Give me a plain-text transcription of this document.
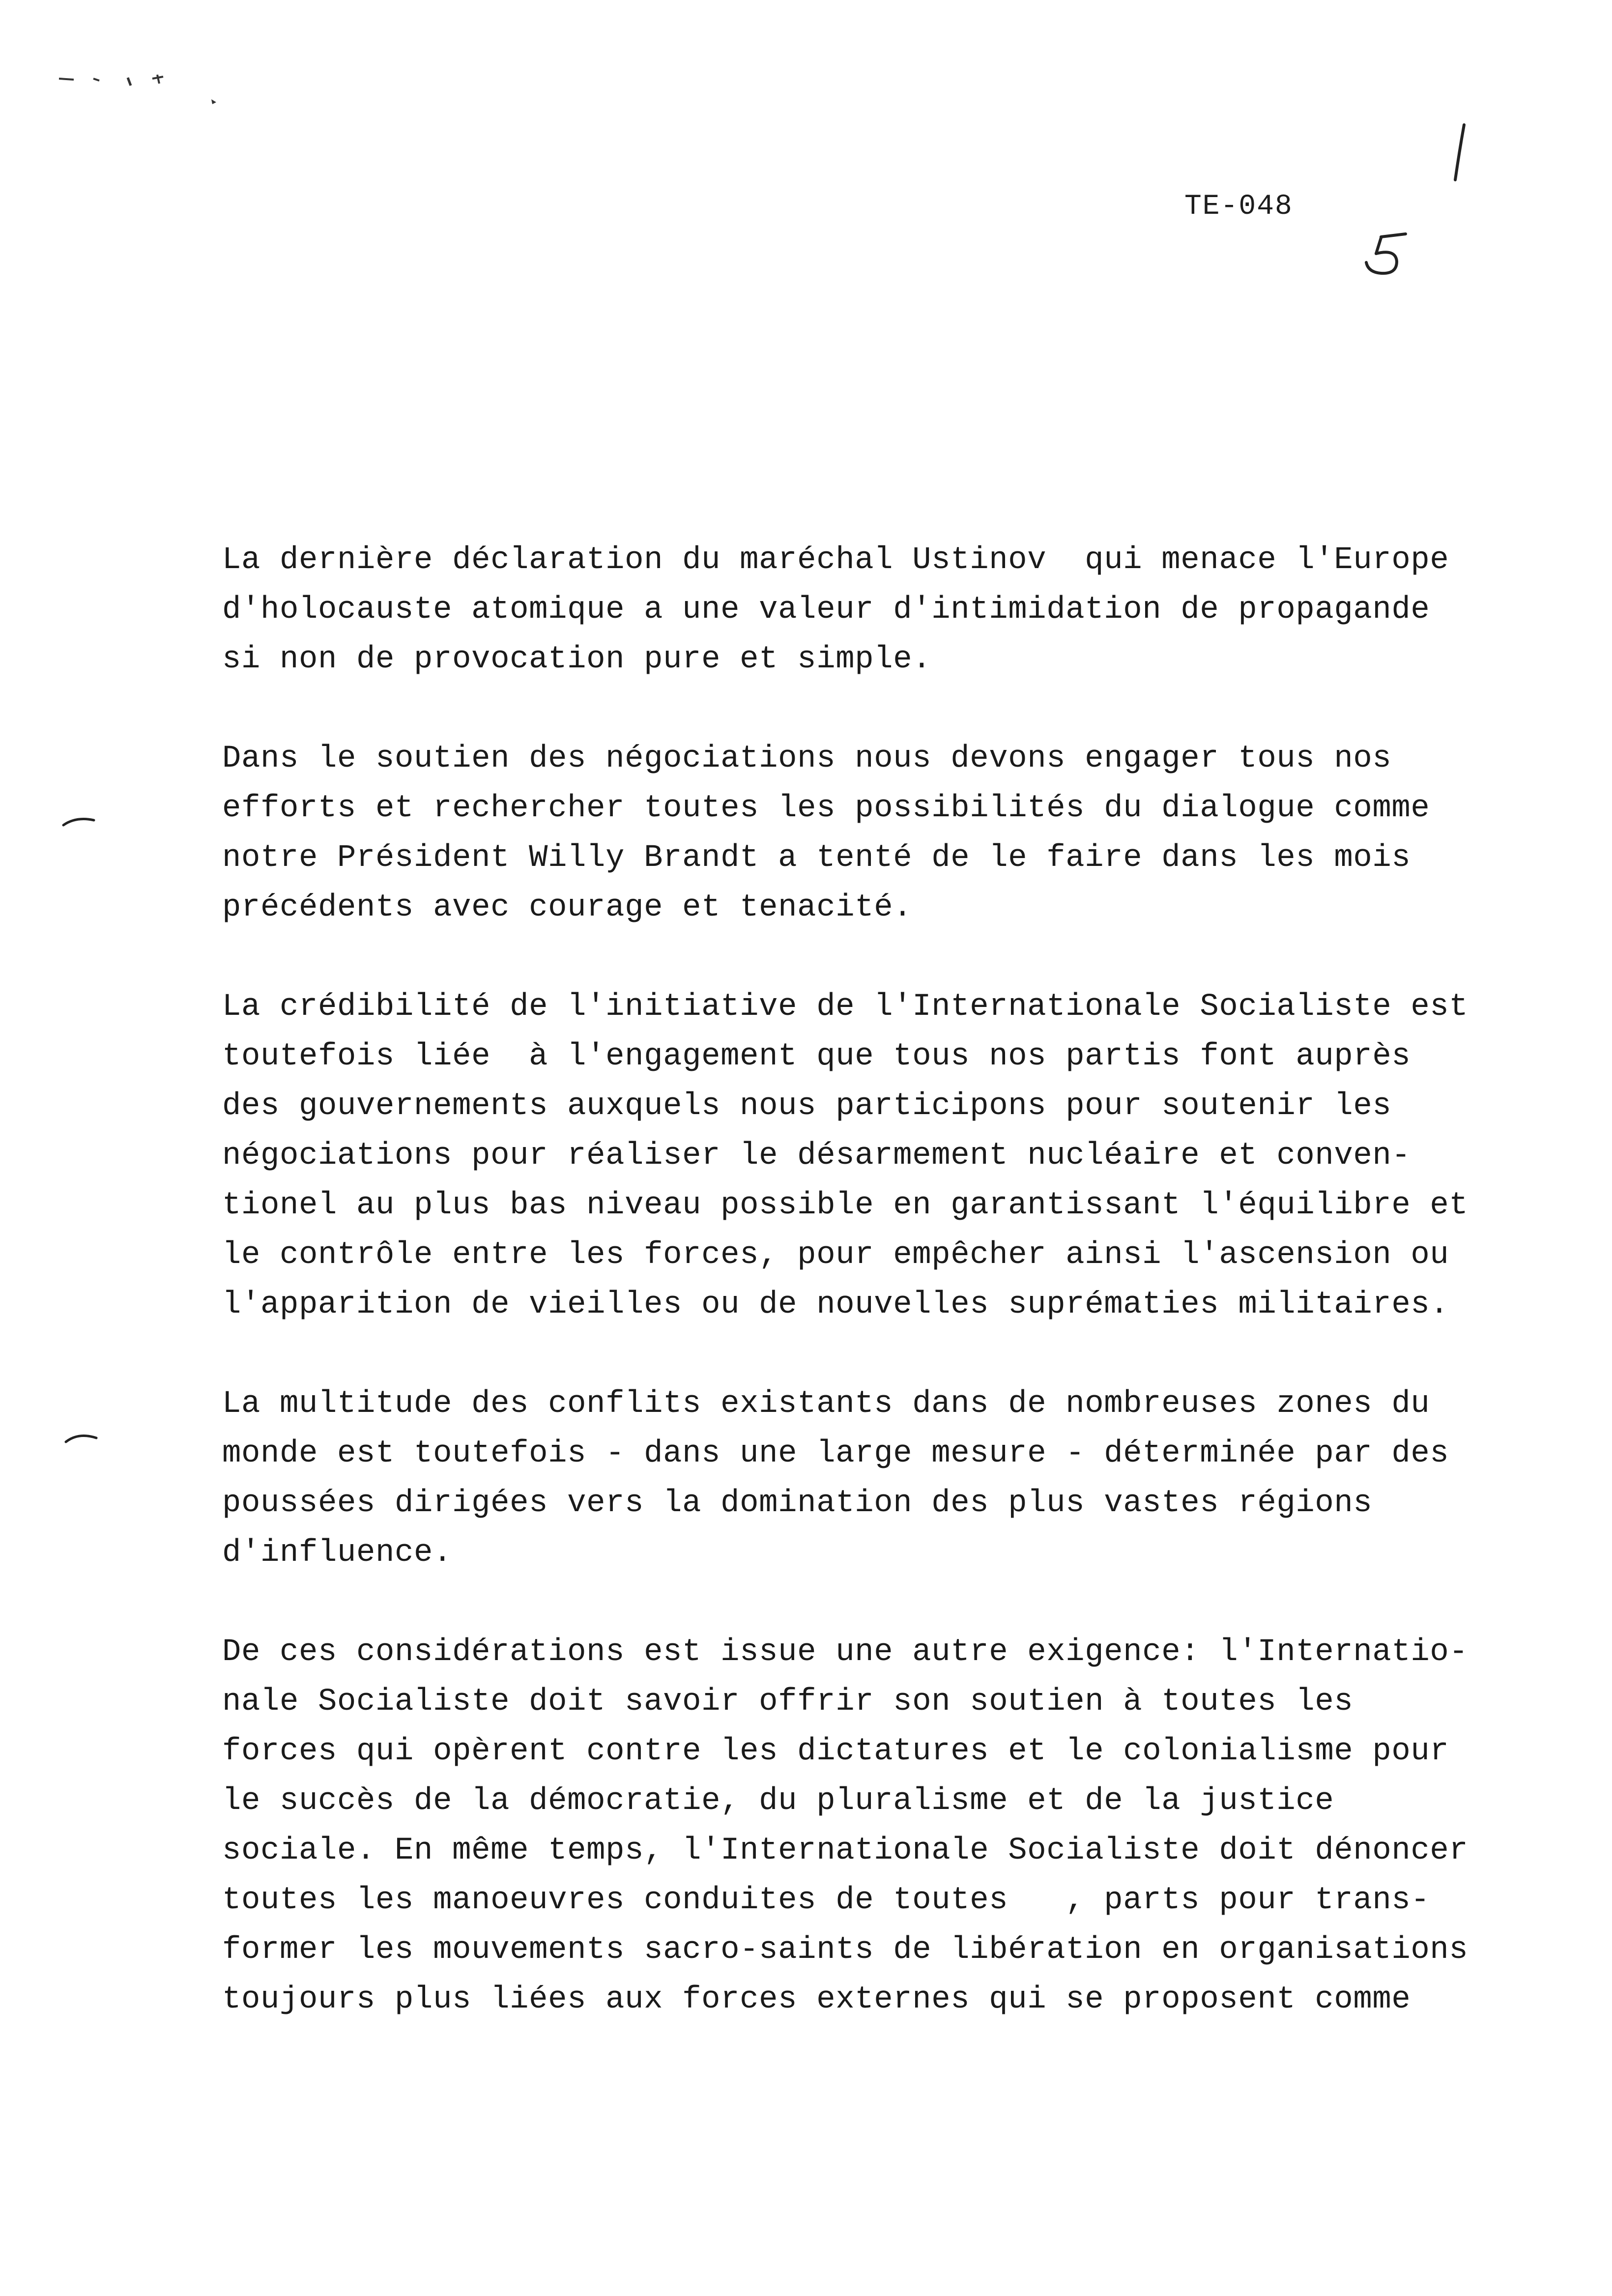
TE-048
La dernière déclaration du maréchal Ustinov  qui menace l'Europe
d'holocauste atomique a une valeur d'intimidation de propagande
si non de provocation pure et simple.
Dans le soutien des négociations nous devons engager tous nos
efforts et rechercher toutes les possibilités du dialogue comme
notre Président Willy Brandt a tenté de le faire dans les mois
précédents avec courage et tenacité.
La crédibilité de l'initiative de l'Internationale Socialiste est
toutefois liée  à l'engagement que tous nos partis font auprès
des gouvernements auxquels nous participons pour soutenir les
négociations pour réaliser le désarmement nucléaire et conven-
tionel au plus bas niveau possible en garantissant l'équilibre et
le contrôle entre les forces, pour empêcher ainsi l'ascension ou
l'apparition de vieilles ou de nouvelles suprématies militaires.
La multitude des conflits existants dans de nombreuses zones du
monde est toutefois - dans une large mesure - déterminée par des
poussées dirigées vers la domination des plus vastes régions
d'influence.
De ces considérations est issue une autre exigence: l'Internatio-
nale Socialiste doit savoir offrir son soutien à toutes les
forces qui opèrent contre les dictatures et le colonialisme pour
le succès de la démocratie, du pluralisme et de la justice
sociale. En même temps, l'Internationale Socialiste doit dénoncer
toutes les manoeuvres conduites de toutes   , parts pour trans-
former les mouvements sacro-saints de libération en organisations
toujours plus liées aux forces externes qui se proposent comme
